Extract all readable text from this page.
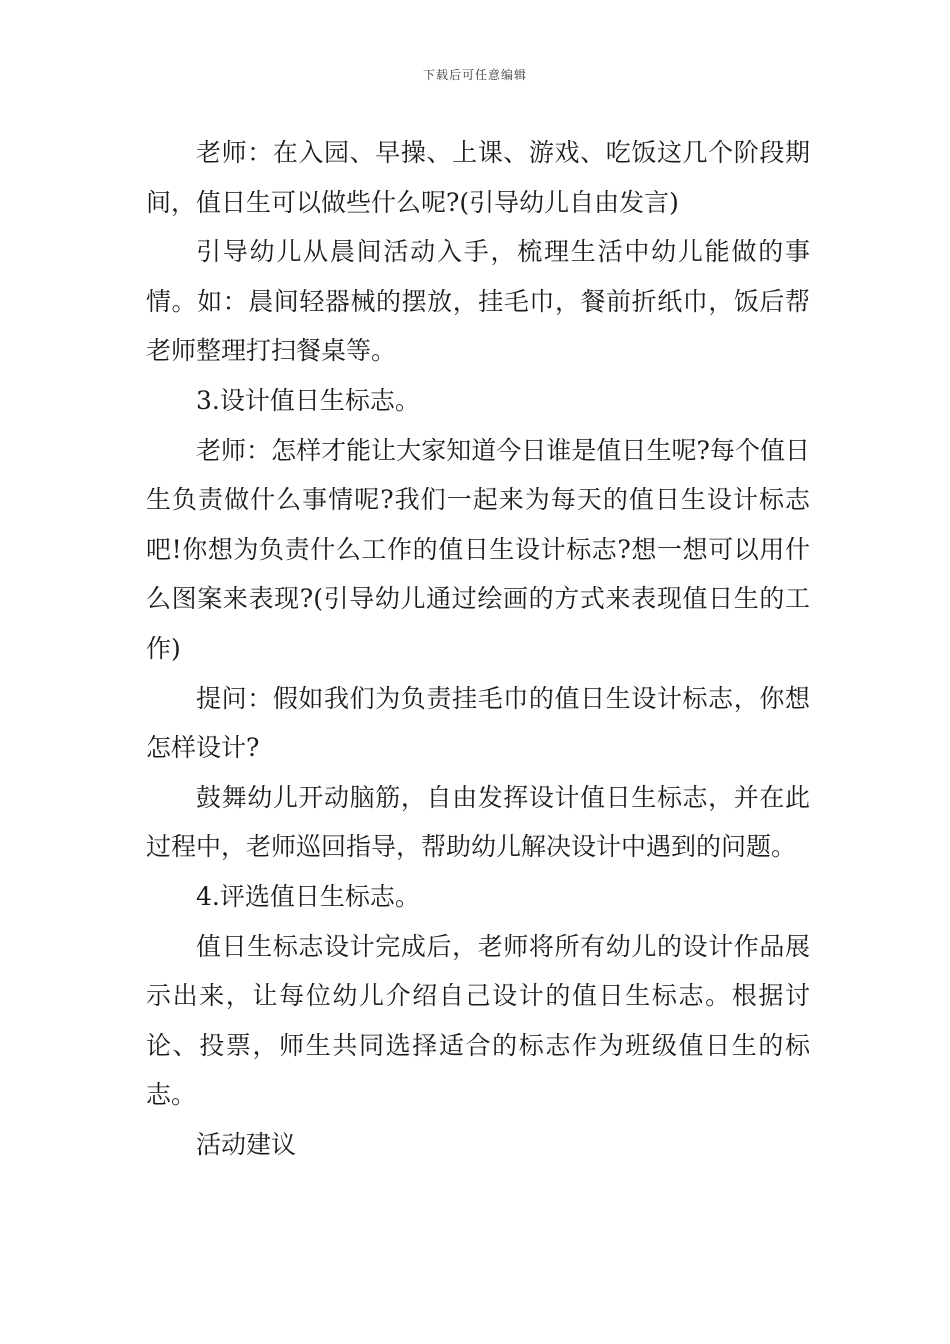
下载后可任意编辑

老师：在入园、早操、上课、游戏、吃饭这几个阶段期间，值日生可以做些什么呢?(引导幼儿自由发言)

引导幼儿从晨间活动入手，梳理生活中幼儿能做的事情。如：晨间轻器械的摆放，挂毛巾，餐前折纸巾，饭后帮老师整理打扫餐桌等。

3.设计值日生标志。

老师：怎样才能让大家知道今日谁是值日生呢?每个值日生负责做什么事情呢?我们一起来为每天的值日生设计标志吧!你想为负责什么工作的值日生设计标志?想一想可以用什么图案来表现?(引导幼儿通过绘画的方式来表现值日生的工作)

提问：假如我们为负责挂毛巾的值日生设计标志，你想怎样设计?

鼓舞幼儿开动脑筋，自由发挥设计值日生标志，并在此过程中，老师巡回指导，帮助幼儿解决设计中遇到的问题。

4.评选值日生标志。

值日生标志设计完成后，老师将所有幼儿的设计作品展示出来，让每位幼儿介绍自己设计的值日生标志。根据讨论、投票，师生共同选择适合的标志作为班级值日生的标志。

活动建议
